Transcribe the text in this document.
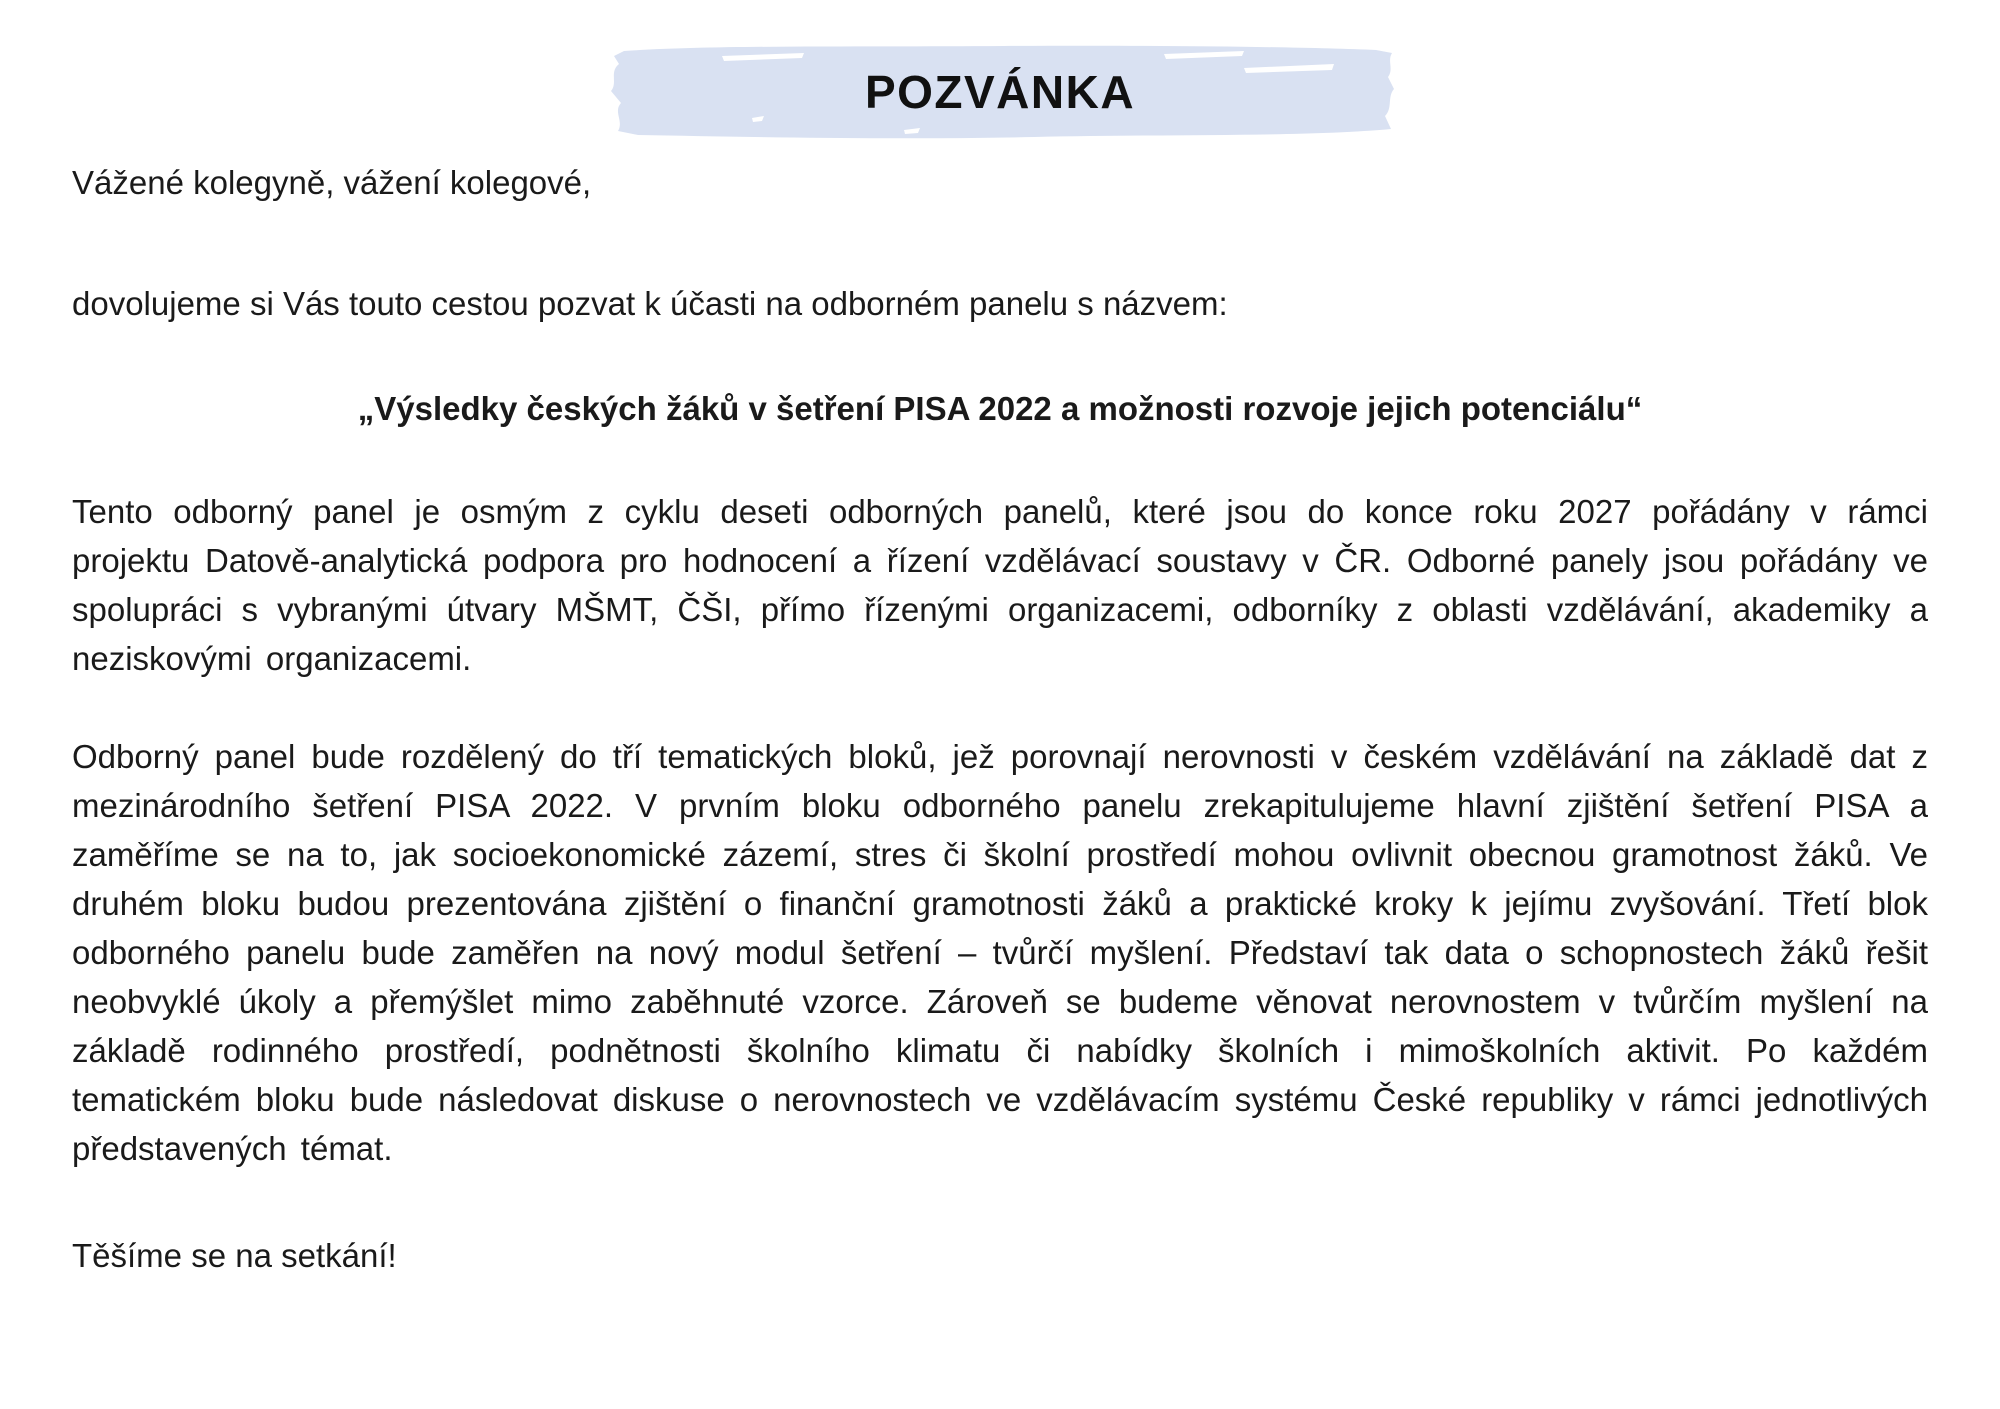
POZVÁNKA
Vážené kolegyně, vážení kolegové,
dovolujeme si Vás touto cestou pozvat k účasti na odborném panelu s názvem:
„Výsledky českých žáků v šetření PISA 2022 a možnosti rozvoje jejich potenciálu“
Tento odborný panel je osmým z cyklu deseti odborných panelů, které jsou do konce roku 2027 pořádány v rámci projektu Datově-analytická podpora pro hodnocení a řízení vzdělávací soustavy v ČR. Odborné panely jsou pořádány ve spolupráci s vybranými útvary MŠMT, ČŠI, přímo řízenými organizacemi, odborníky z oblasti vzdělávání, akademiky a neziskovými organizacemi.
Odborný panel bude rozdělený do tří tematických bloků, jež porovnají nerovnosti v českém vzdělávání na základě dat z mezinárodního šetření PISA 2022. V prvním bloku odborného panelu zrekapitulujeme hlavní zjištění šetření PISA a zaměříme se na to, jak socioekonomické zázemí, stres či školní prostředí mohou ovlivnit obecnou gramotnost žáků. Ve druhém bloku budou prezentována zjištění o finanční gramotnosti žáků a praktické kroky k jejímu zvyšování. Třetí blok odborného panelu bude zaměřen na nový modul šetření – tvůrčí myšlení. Představí tak data o schopnostech žáků řešit neobvyklé úkoly a přemýšlet mimo zaběhnuté vzorce. Zároveň se budeme věnovat nerovnostem v tvůrčím myšlení na základě rodinného prostředí, podnětnosti školního klimatu či nabídky školních i mimoškolních aktivit. Po každém tematickém bloku bude následovat diskuse o nerovnostech ve vzdělávacím systému České republiky v rámci jednotlivých představených témat.
Těšíme se na setkání!
